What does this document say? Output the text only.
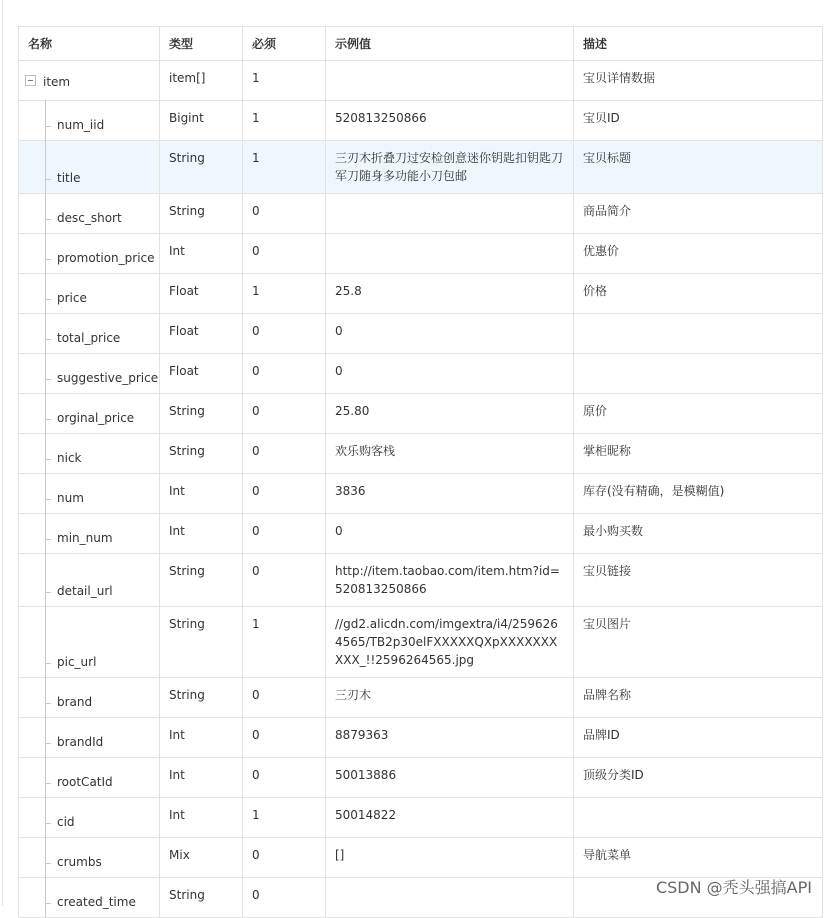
名称	类型	必须	示例值	描述

item	item[]	1		宝贝详情数据

num_iid	Bigint	1	520813250866	宝贝ID

title	String	1	三刃木折叠刀过安检创意迷你钥匙扣钥匙刀军刀随身多功能小刀包邮	宝贝标题

desc_short	String	0		商品简介

promotion_price	Int	0		优惠价

price	Float	1	25.8	价格

total_price	Float	0	0	

suggestive_price	Float	0	0	

orginal_price	String	0	25.80	原价

nick	String	0	欢乐购客栈	掌柜昵称

num	Int	0	3836	库存(没有精确，是模糊值)

min_num	Int	0	0	最小购买数

detail_url	String	0	http://item.taobao.com/item.htm?id=520813250866	宝贝链接

pic_url	String	1	//gd2.alicdn.com/imgextra/i4/2596264565/TB2p30elFXXXXXQXpXXXXXXXXXX_!!2596264565.jpg	宝贝图片

brand	String	0	三刃木	品牌名称

brandId	Int	0	8879363	品牌ID

rootCatId	Int	0	50013886	顶级分类ID

cid	Int	1	50014822	

crumbs	Mix	0	[]	导航菜单

created_time	String	0			CSDN @秃头强搞API
